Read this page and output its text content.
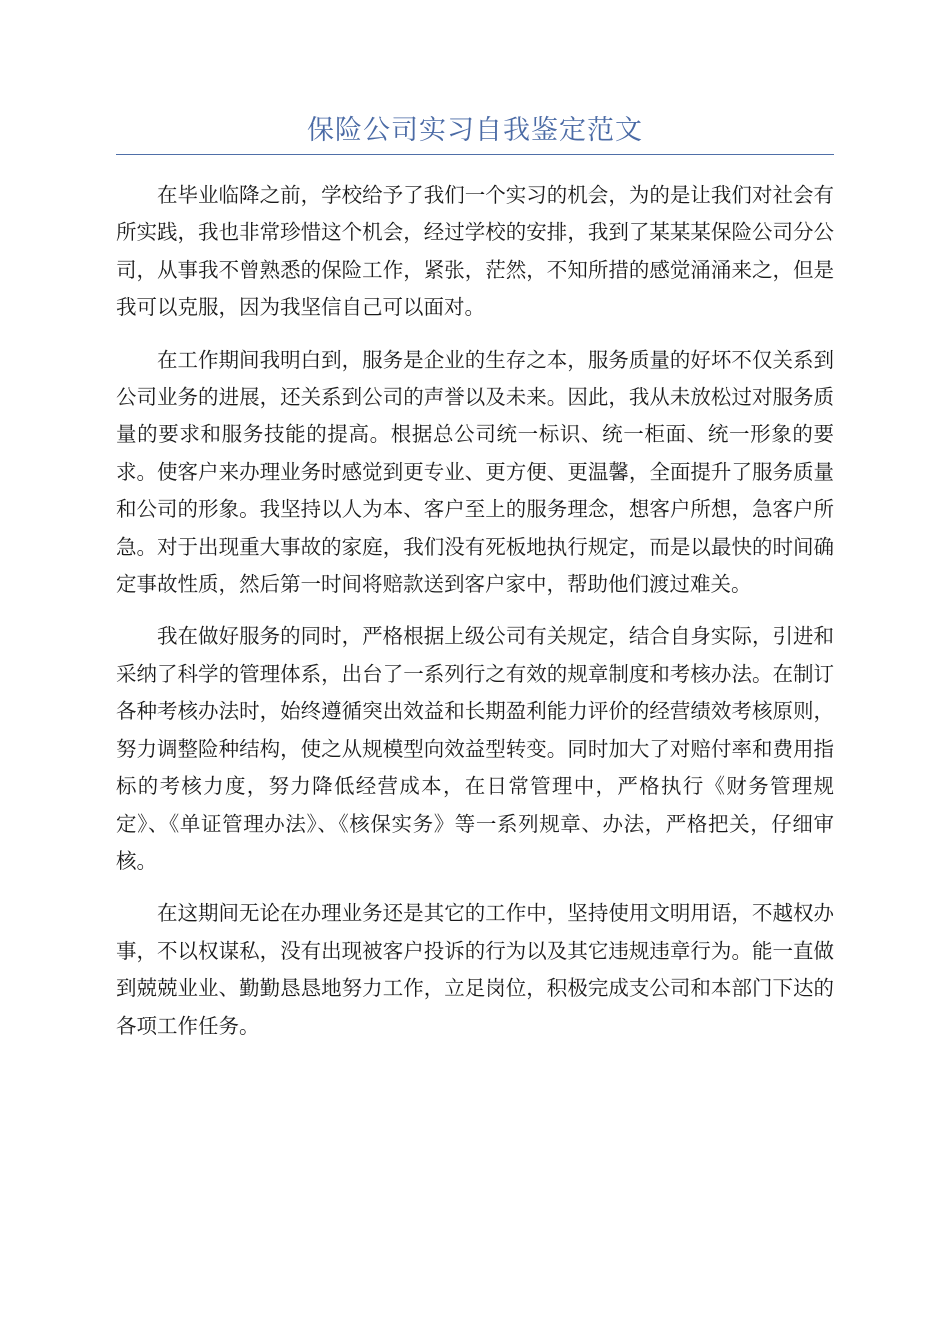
保险公司实习自我鉴定范文

在毕业临降之前，学校给予了我们一个实习的机会，为的是让我们对社会有所实践，我也非常珍惜这个机会，经过学校的安排，我到了某某某保险公司分公司，从事我不曾熟悉的保险工作，紧张，茫然，不知所措的感觉涌涌来之，但是我可以克服，因为我坚信自己可以面对。

在工作期间我明白到，服务是企业的生存之本，服务质量的好坏不仅关系到公司业务的进展，还关系到公司的声誉以及未来。因此，我从未放松过对服务质量的要求和服务技能的提高。根据总公司统一标识、统一柜面、统一形象的要求。使客户来办理业务时感觉到更专业、更方便、更温馨，全面提升了服务质量和公司的形象。我坚持以人为本、客户至上的服务理念，想客户所想，急客户所急。对于出现重大事故的家庭，我们没有死板地执行规定，而是以最快的时间确定事故性质，然后第一时间将赔款送到客户家中，帮助他们渡过难关。

我在做好服务的同时，严格根据上级公司有关规定，结合自身实际，引进和采纳了科学的管理体系，出台了一系列行之有效的规章制度和考核办法。在制订各种考核办法时，始终遵循突出效益和长期盈利能力评价的经营绩效考核原则，努力调整险种结构，使之从规模型向效益型转变。同时加大了对赔付率和费用指标的考核力度，努力降低经营成本，在日常管理中，严格执行《财务管理规定》、《单证管理办法》、《核保实务》等一系列规章、办法，严格把关，仔细审核。

在这期间无论在办理业务还是其它的工作中，坚持使用文明用语，不越权办事，不以权谋私，没有出现被客户投诉的行为以及其它违规违章行为。能一直做到兢兢业业、勤勤恳恳地努力工作，立足岗位，积极完成支公司和本部门下达的各项工作任务。
